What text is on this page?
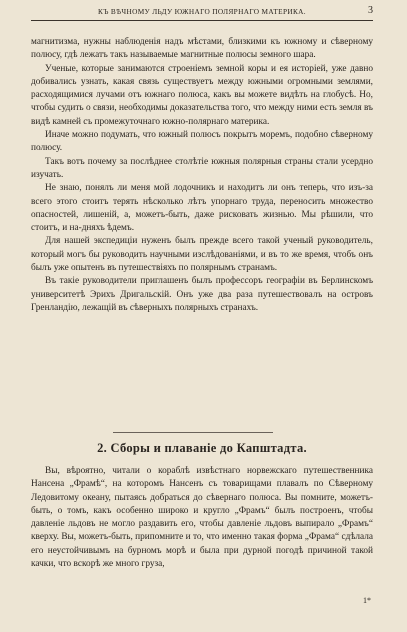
КЪ ВѢЧНОМУ ЛЬДУ ЮЖНАГО ПОЛЯРНАГО МАТЕРИКА.	3

магнитизма, нужны наблюденія надъ мѣстами, близкими къ южному и сѣверному полюсу, гдѣ лежатъ такъ называемые магнитные полюсы земного шара.

Ученые, которые занимаются строеніемъ земной коры и ея исторіей, уже давно добивались узнать, какая связь существуетъ между южными огромными землями, расходящимися лучами отъ южнаго полюса, какъ вы можете видѣть на глобусѣ. Но, чтобы судить о связи, необходимы доказательства того, что между ними есть земля въ видѣ камней съ промежуточнаго южно-полярнаго материка.

Иначе можно подумать, что южный полюсъ покрытъ моремъ, подобно сѣверному полюсу.

Такъ вотъ почему за послѣднее столѣтіе южныя полярныя страны стали усердно изучать.

Не знаю, понялъ ли меня мой лодочникъ и находитъ ли онъ теперь, что изъ-за всего этого стоитъ терять нѣсколько лѣтъ упорнаго труда, переносить множество опасностей, лишеній, а, можетъ-быть, даже рисковать жизнью. Мы рѣшили, что стоитъ, и на-дняхъ ѣдемъ.

Для нашей экспедиціи нуженъ былъ прежде всего такой ученый руководитель, который могъ бы руководить научными изслѣдованіями, и въ то же время, чтобъ онъ былъ уже опытенъ въ путешествіяхъ по полярнымъ странамъ.

Въ такіе руководители приглашенъ былъ профессоръ географіи въ Берлинскомъ университетѣ Эрихъ Дригальскій. Онъ уже два раза путешествовалъ на островъ Гренландію, лежащій въ сѣверныхъ полярныхъ странахъ.

2. Сборы и плаваніе до Капштадта.

Вы, вѣроятно, читали о кораблѣ извѣстнаго норвежскаго путешественника Нансена „Фрамѣ“, на которомъ Нансенъ съ товарищами плавалъ по Сѣверному Ледовитому океану, пытаясь добраться до сѣвернаго полюса. Вы помните, можетъ-быть, о томъ, какъ особенно широко и кругло „Фрамъ“ былъ построенъ, чтобы давленіе льдовъ не могло раздавить его, чтобы давленіе льдовъ выпирало „Фрамъ“ кверху. Вы, можетъ-быть, припомните и то, что именно такая форма „Фрама“ сдѣлала его неустойчивымъ на бурномъ морѣ и была при дурной погодѣ причиной такой качки, что вскорѣ же много груза,

1*
